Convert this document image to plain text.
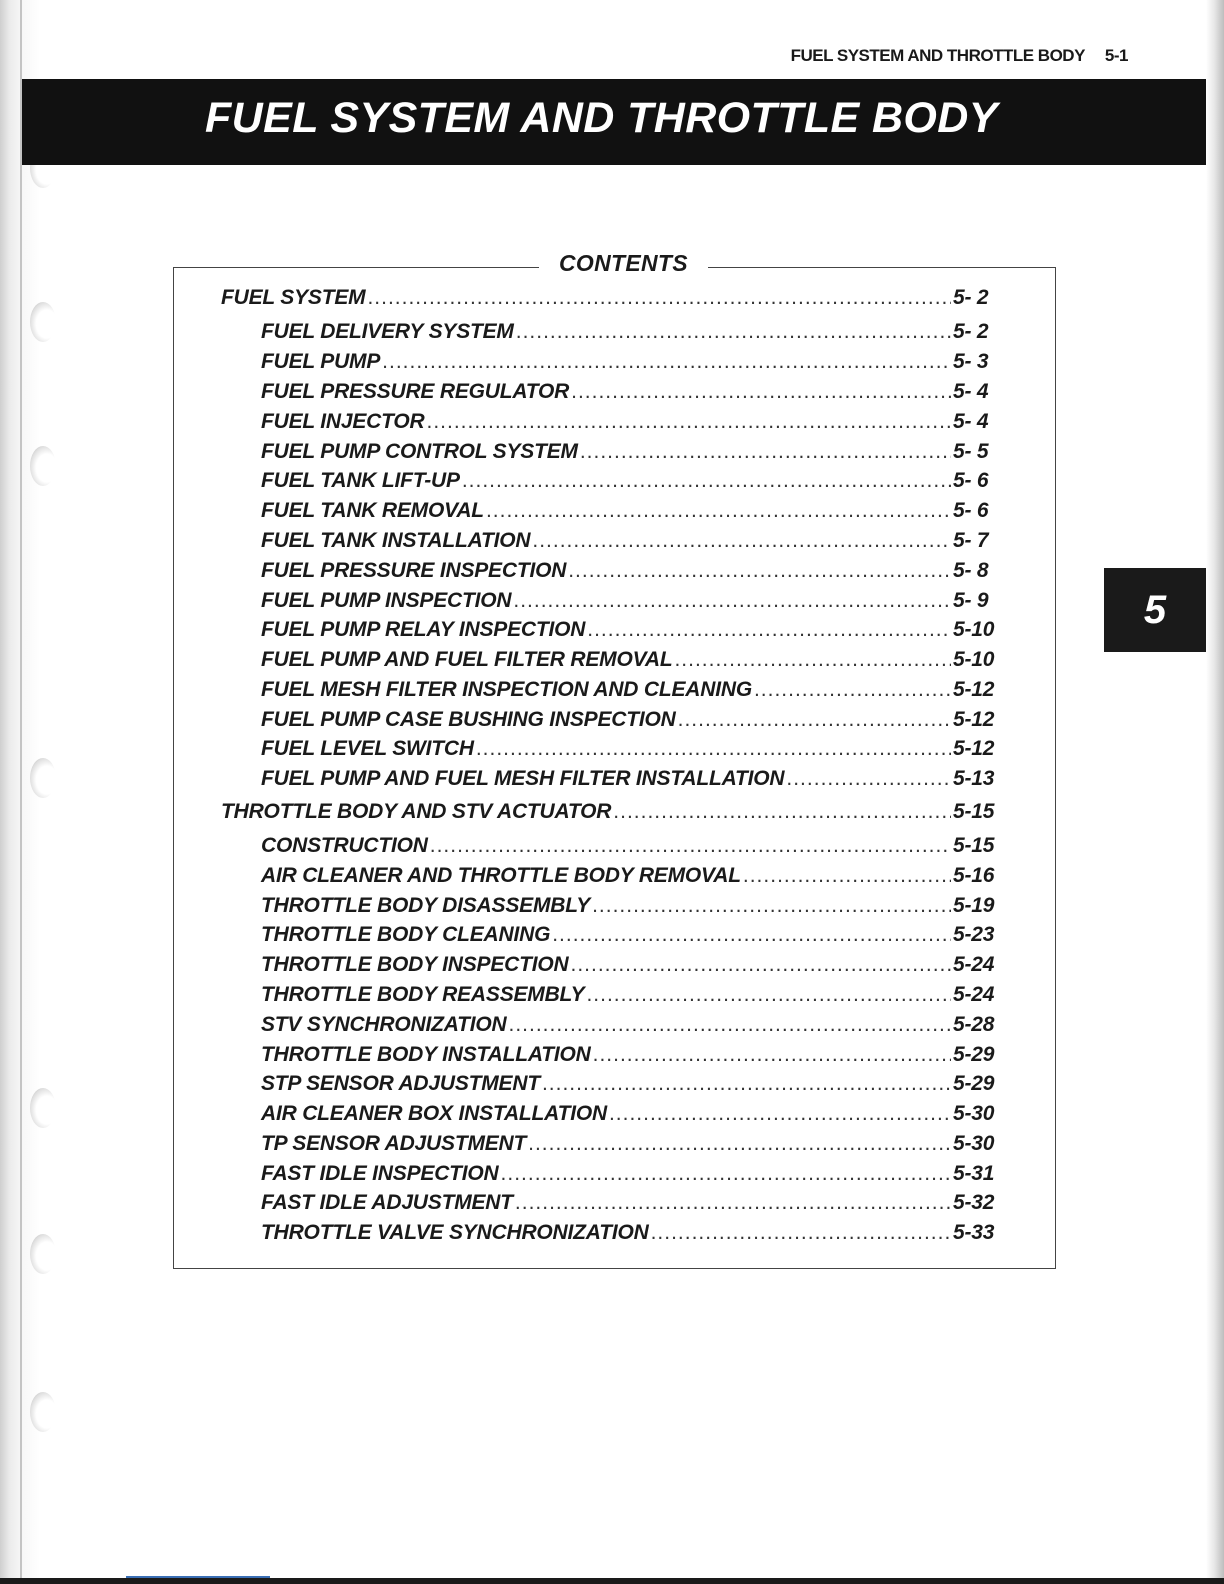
FUEL SYSTEM AND THROTTLE BODY 5-1
FUEL SYSTEM AND THROTTLE BODY
5
CONTENTS
FUEL SYSTEM .....	5- 2
FUEL DELIVERY SYSTEM .....	5- 2
FUEL PUMP .....	5- 3
FUEL PRESSURE REGULATOR .....	5- 4
FUEL INJECTOR .....	5- 4
FUEL PUMP CONTROL SYSTEM .....	5- 5
FUEL TANK LIFT-UP .....	5- 6
FUEL TANK REMOVAL .....	5- 6
FUEL TANK INSTALLATION .....	5- 7
FUEL PRESSURE INSPECTION .....	5- 8
FUEL PUMP INSPECTION .....	5- 9
FUEL PUMP RELAY INSPECTION .....	5-10
FUEL PUMP AND FUEL FILTER REMOVAL .....	5-10
FUEL MESH FILTER INSPECTION AND CLEANING .....	5-12
FUEL PUMP CASE BUSHING INSPECTION .....	5-12
FUEL LEVEL SWITCH .....	5-12
FUEL PUMP AND FUEL MESH FILTER INSTALLATION .....	5-13
THROTTLE BODY AND STV ACTUATOR .....	5-15
CONSTRUCTION .....	5-15
AIR CLEANER AND THROTTLE BODY REMOVAL .....	5-16
THROTTLE BODY DISASSEMBLY .....	5-19
THROTTLE BODY CLEANING .....	5-23
THROTTLE BODY INSPECTION .....	5-24
THROTTLE BODY REASSEMBLY .....	5-24
STV SYNCHRONIZATION .....	5-28
THROTTLE BODY INSTALLATION .....	5-29
STP SENSOR ADJUSTMENT .....	5-29
AIR CLEANER BOX INSTALLATION .....	5-30
TP SENSOR ADJUSTMENT .....	5-30
FAST IDLE INSPECTION .....	5-31
FAST IDLE ADJUSTMENT .....	5-32
THROTTLE VALVE SYNCHRONIZATION .....	5-33
